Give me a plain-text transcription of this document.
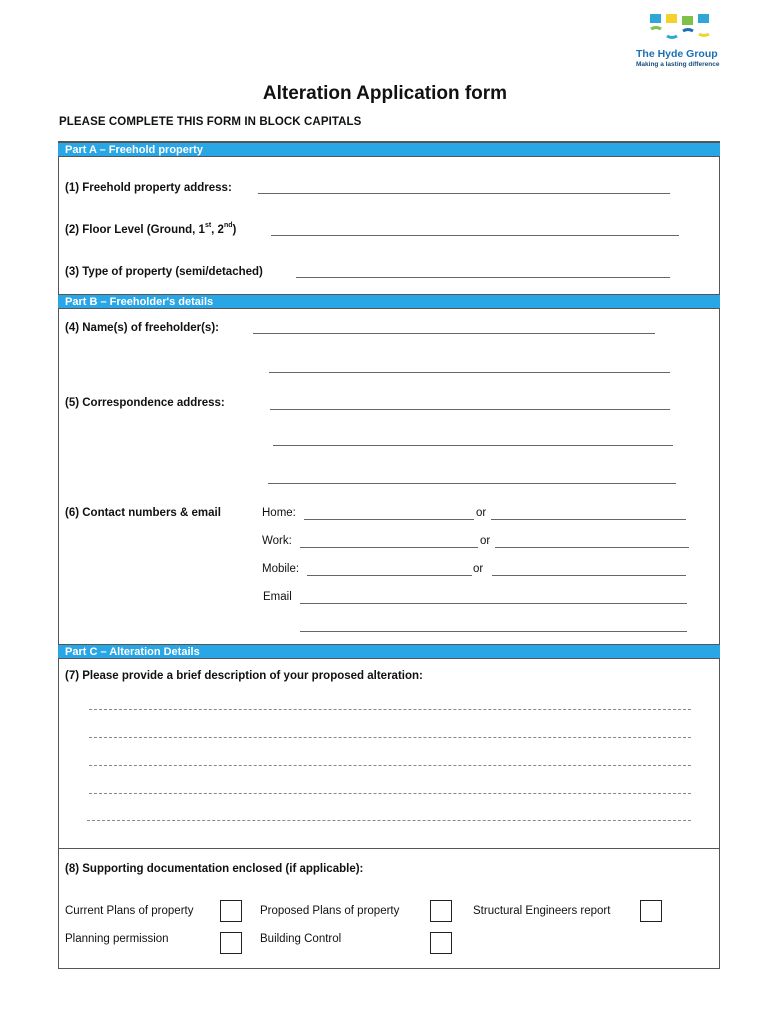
The Hyde Group
Making a lasting difference
Alteration Application form
PLEASE COMPLETE THIS FORM IN BLOCK CAPITALS
Part A – Freehold property
(1) Freehold property address:
(2) Floor Level (Ground, 1st, 2nd)
(3) Type of property (semi/detached)
Part B – Freeholder's details
(4) Name(s) of freeholder(s):
(5) Correspondence address:
(6) Contact numbers & email	Home:	or
Work:	or
Mobile:	or
Email
Part C – Alteration Details
(7) Please provide a brief description of your proposed alteration:
(8) Supporting documentation enclosed (if applicable):
Current Plans of property	Proposed Plans of property	Structural Engineers report
Planning permission	Building Control
